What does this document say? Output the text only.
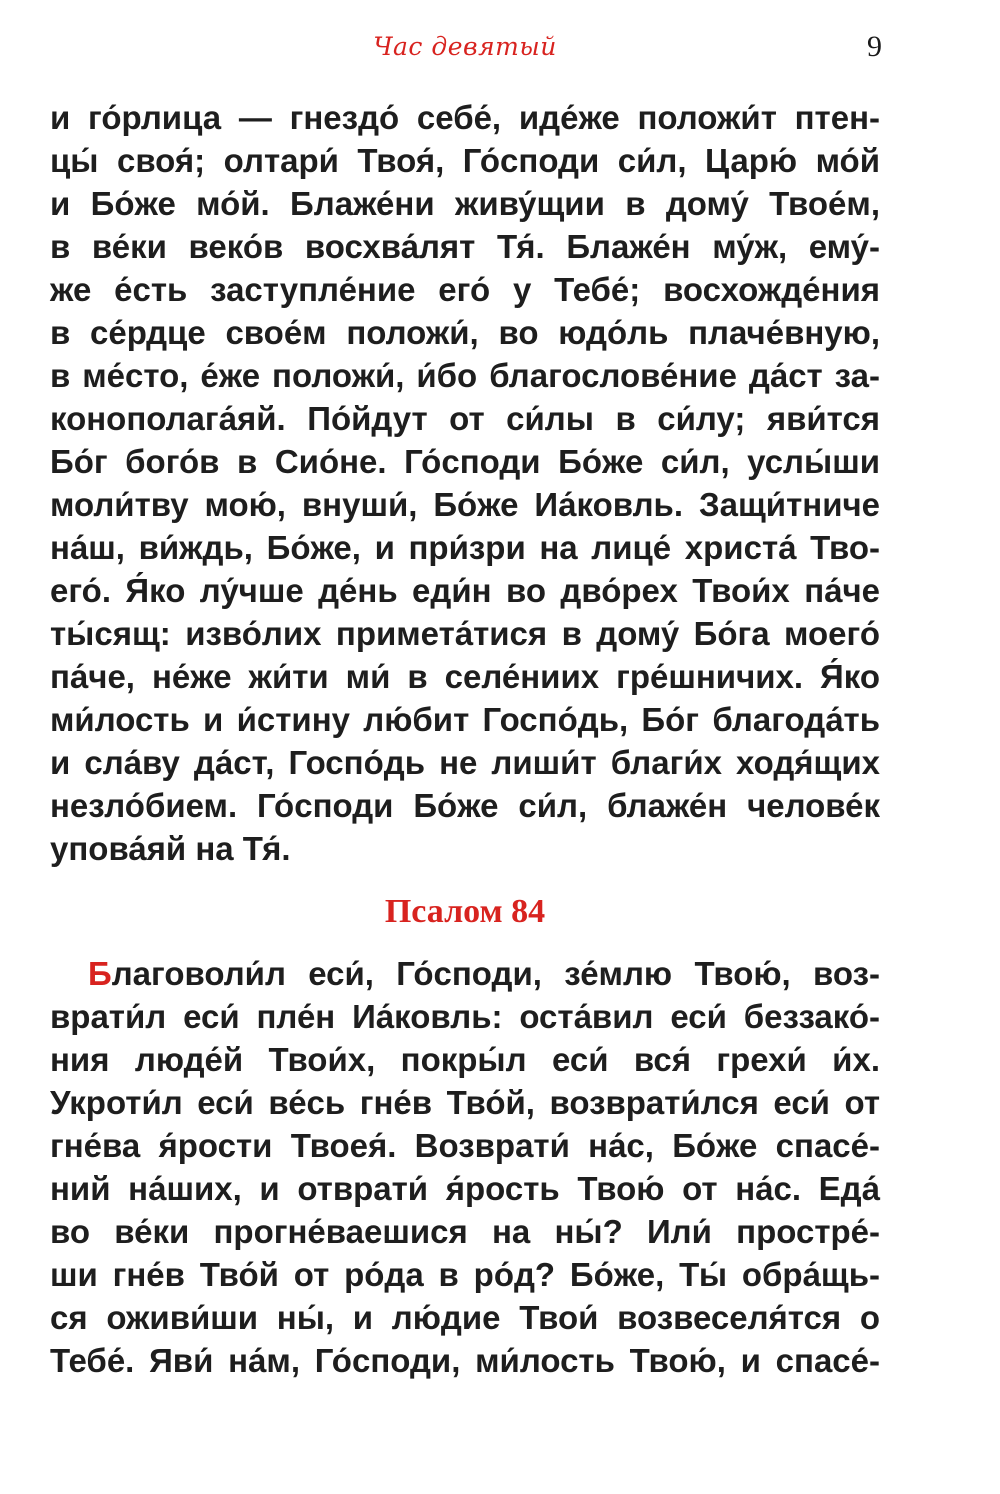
Час девятый	9
и го́рлица — гнездо́ себе́, иде́же положи́т птен-
цы́ своя́; олтари́ Твоя́, Го́споди си́л, Царю́ мо́й
и Бо́же мо́й. Блаже́ни живу́щии в дому́ Твое́м,
в ве́ки веко́в восхва́лят Тя́. Блаже́н му́ж, ему́-
же е́сть заступле́ние его́ у Тебе́; восхожде́ния
в се́рдце свое́м положи́, во юдо́ль плаче́вную,
в ме́сто, е́же положи́, и́бо благослове́ние да́ст за-
конополага́яй. По́йдут от си́лы в си́лу; яви́тся
Бо́г бого́в в Сио́не. Го́споди Бо́же си́л, услы́ши
моли́тву мою́, внуши́, Бо́же Иа́ковль. Защи́тниче
на́ш, ви́ждь, Бо́же, и при́зри на лице́ христа́ Тво-
его́. Я́ко лу́чше де́нь еди́н во дво́рех Твои́х па́че
ты́сящ: изво́лих примета́тися в дому́ Бо́га моего́
па́че, не́же жи́ти ми́ в селе́ниих гре́шничих. Я́ко
ми́лость и и́стину лю́бит Госпо́дь, Бо́г благода́ть
и сла́ву да́ст, Госпо́дь не лиши́т благи́х ходя́щих
незло́бием. Го́споди Бо́же си́л, блаже́н челове́к
упова́яй на Тя́.
Псалом 84
Благоволи́л еси́, Го́споди, зе́млю Твою́, воз-
врати́л еси́ пле́н Иа́ковль: оста́вил еси́ беззако́-
ния люде́й Твои́х, покры́л еси́ вся́ грехи́ и́х.
Укроти́л еси́ ве́сь гне́в Тво́й, возврати́лся еси́ от
гне́ва я́рости Твоея́. Возврати́ на́с, Бо́же спасе́-
ний на́ших, и отврати́ я́рость Твою́ от на́с. Еда́
во ве́ки прогне́ваешися на ны́? Или́ простре́-
ши гне́в Тво́й от ро́да в ро́д? Бо́же, Ты́ обра́щь-
ся оживи́ши ны́, и лю́дие Твои́ возвеселя́тся о
Тебе́. Яви́ на́м, Го́споди, ми́лость Твою́, и спасе́-
